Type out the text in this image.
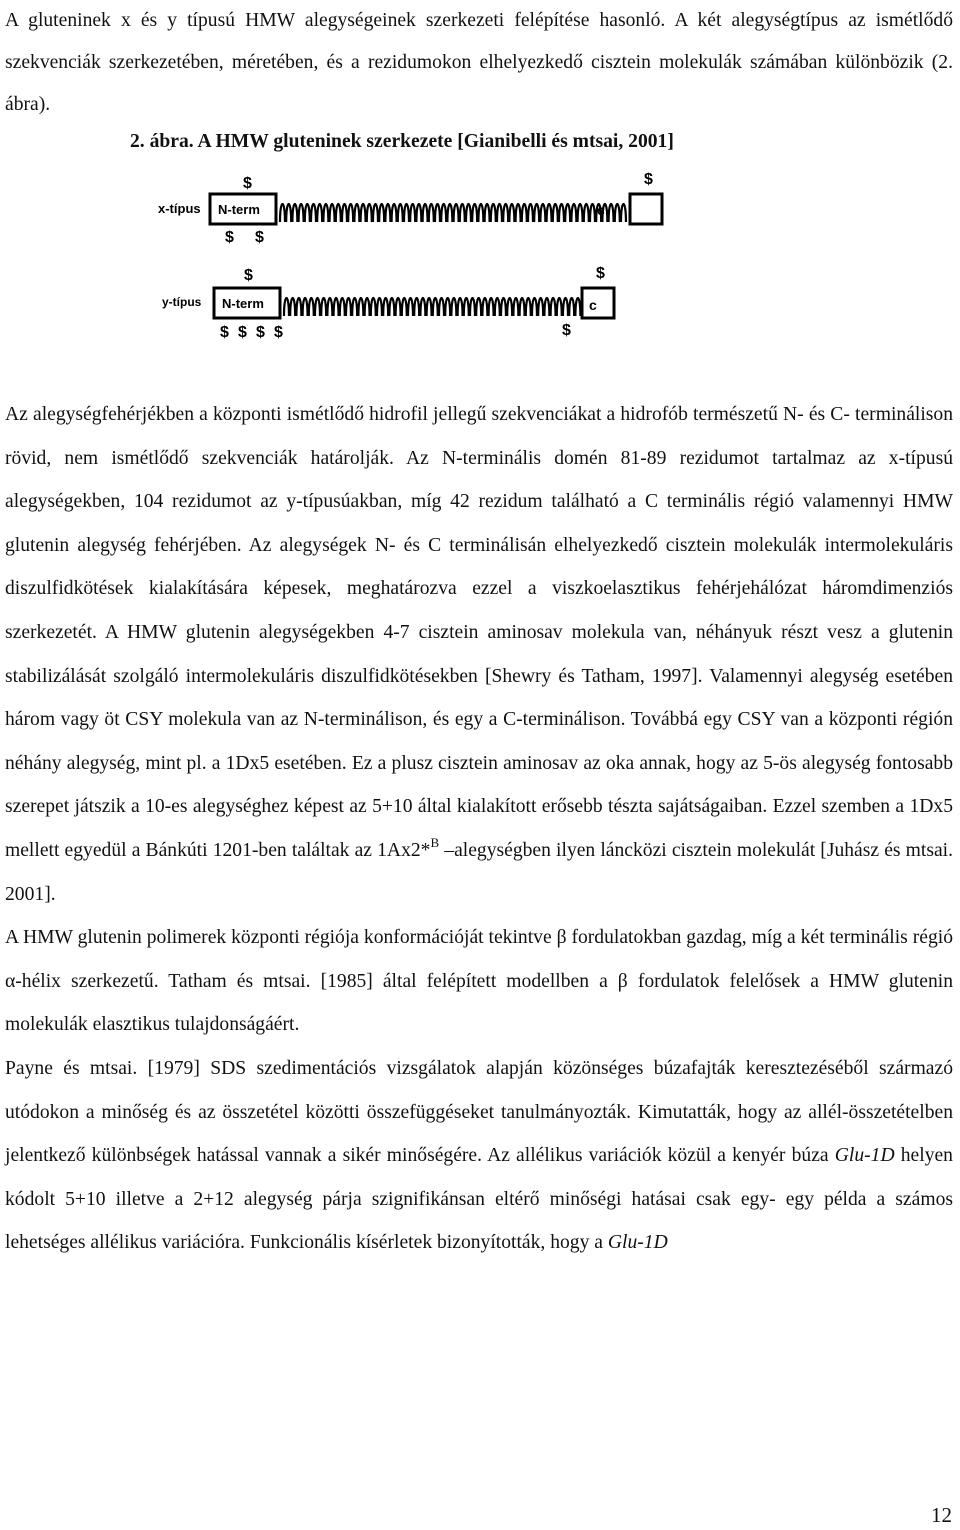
A gluteninek x és y típusú HMW alegységeinek szerkezeti felépítése hasonló. A két alegységtípus az ismétlődő szekvenciák szerkezetében, méretében, és a rezidumokon elhelyezkedő cisztein molekulák számában különbözik (2. ábra).

2. ábra. A HMW gluteninek szerkezete [Gianibelli és mtsai, 2001]
x-típus N-term	c
$	$
$ $
y-típus N-term	c
$	$
$ $ $ $	$

Az alegységfehérjékben a központi ismétlődő hidrofil jellegű szekvenciákat a hidrofób természetű N- és C- terminálison rövid, nem ismétlődő szekvenciák határolják. Az N-terminális domén 81-89 rezidumot tartalmaz az x-típusú alegységekben, 104 rezidumot az y-típusúakban, míg 42 rezidum található a C terminális régió valamennyi HMW glutenin alegység fehérjében. Az alegységek N- és C terminálisán elhelyezkedő cisztein molekulák intermolekuláris diszulfidkötések kialakítására képesek, meghatározva ezzel a viszkoelasztikus fehérjehálózat háromdimenziós szerkezetét. A HMW glutenin alegységekben 4-7 cisztein aminosav molekula van, néhányuk részt vesz a glutenin stabilizálását szolgáló intermolekuláris diszulfidkötésekben [Shewry és Tatham, 1997]. Valamennyi alegység esetében három vagy öt CSY molekula van az N-terminálison, és egy a C-terminálison. Továbbá egy CSY van a központi régión néhány alegység, mint pl. a 1Dx5 esetében. Ez a plusz cisztein aminosav az oka annak, hogy az 5-ös alegység fontosabb szerepet játszik a 10-es alegységhez képest az 5+10 által kialakított erősebb tészta sajátságaiban. Ezzel szemben a 1Dx5 mellett egyedül a Bánkúti 1201-ben találtak az 1Ax2*$^B$ –alegységben ilyen láncközi cisztein molekulát [Juhász és mtsai. 2001].

A HMW glutenin polimerek központi régiója konformációját tekintve β fordulatokban gazdag, míg a két terminális régió α-hélix szerkezetű. Tatham és mtsai. [1985] által felépített modellben a β fordulatok felelősek a HMW glutenin molekulák elasztikus tulajdonságáért.

Payne és mtsai. [1979] SDS szedimentációs vizsgálatok alapján közönséges búzafajták keresztezéséből származó utódokon a minőség és az összetétel közötti összefüggéseket tanulmányozták. Kimutatták, hogy az allél-összetételben jelentkező különbségek hatással vannak a sikér minőségére. Az allélikus variációk közül a kenyér búza Glu-1D helyen kódolt 5+10 illetve a 2+12 alegység párja szignifikánsan eltérő minőségi hatásai csak egy- egy példa a számos lehetséges allélikus variációra. Funkcionális kísérletek bizonyították, hogy a Glu-1D

12
